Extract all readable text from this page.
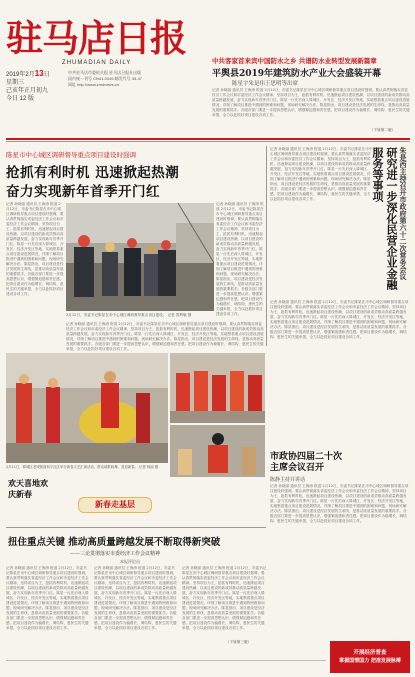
驻马店日报
ZHUMADIAN DAILY
2019年2月13日
星期三
己亥年正月初九
今日 12 版
中共驻马店市委机关报 驻马店日报社出版
国内统一刊号 CN41-0045 邮发代号 35-47
网址 http://www.zmdnews.cn
中共客家首来宾中国防水之乡 共谱防水业转型发展新篇章
平舆县2019年建筑防水产业大会盛装开幕
陈星宇朱是伟王思明等出席
记者 孙晓丽 通讯员 王海涛 报道 2月12日，市委书记陈星在市中心城区调研督导重点项目建设时强调，要认真贯彻落实省委经济工作会议和市委经济工作会议精神，坚持项目为王，抢抓有利时机，迅速掀起项目建设热潮，以项目建设的新成效推动高质量跨越发展，奋力实现新年首季开门红。陈星一行先后深入驿城区、开发区、经济开发区等地，实地察看重点项目建设进展情况，详细了解项目推进中遇到的困难和问题，现场研究解决办法。陈星指出，项目建设是经济发展的生命线，是推动高质量发展的重要抓手。各级各部门要进一步提高思想认识，增强紧迫感和责任感，把项目建设作为稳增长、调结构、惠民生的关键举措，全力以赴抓好项目建设各项工作。
（下转第二版）
陈星市中心城区调研督导重点项目建设时强调
抢抓有利时机 迅速掀起热潮
奋力实现新年首季开门红
记者 孙晓丽 通讯员 王海涛 报道 2月12日，市委书记陈星在市中心城区调研督导重点项目建设时强调，要认真贯彻落实省委经济工作会议和市委经济工作会议精神，坚持项目为王，抢抓有利时机，迅速掀起项目建设热潮，以项目建设的新成效推动高质量跨越发展，奋力实现新年首季开门红。陈星一行先后深入驿城区、开发区、经济开发区等地，实地察看重点项目建设进展情况，详细了解项目推进中遇到的困难和问题，现场研究解决办法。陈星指出，项目建设是经济发展的生命线，是推动高质量发展的重要抓手。各级各部门要进一步提高思想认识，增强紧迫感和责任感，把项目建设作为稳增长、调结构、惠民生的关键举措，全力以赴抓好项目建设各项工作。
2月12日，市委书记陈星在市中心城区调研督导重点项目建设。 记者 郑利敏 摄
记者 孙晓丽 通讯员 王海涛 报道 2月12日，市委书记陈星在市中心城区调研督导重点项目建设时强调，要认真贯彻落实省委经济工作会议和市委经济工作会议精神，坚持项目为王，抢抓有利时机，迅速掀起项目建设热潮，以项目建设的新成效推动高质量跨越发展，奋力实现新年首季开门红。陈星一行先后深入驿城区、开发区、经济开发区等地，实地察看重点项目建设进展情况，详细了解项目推进中遇到的困难和问题，现场研究解决办法。陈星指出，项目建设是经济发展的生命线，是推动高质量发展的重要抓手。各级各部门要进一步提高思想认识，增强紧迫感和责任感，把项目建设作为稳增长、调结构、惠民生的关键举措，全力以赴抓好项目建设各项工作。
记者 孙晓丽 通讯员 王海涛 报道 2月12日，市委书记陈星在市中心城区调研督导重点项目建设时强调，要认真贯彻落实省委经济工作会议和市委经济工作会议精神，坚持项目为王，抢抓有利时机，迅速掀起项目建设热潮，以项目建设的新成效推动高质量跨越发展，奋力实现新年首季开门红。陈星一行先后深入驿城区、开发区、经济开发区等地，实地察看重点项目建设进展情况，详细了解项目推进中遇到的困难和问题，现场研究解决办法。陈星指出，项目建设是经济发展的生命线，是推动高质量发展的重要抓手。各级各部门要进一步提高思想认识，增强紧迫感和责任感，把项目建设作为稳增长、调结构、惠民生的关键举措，全力以赴抓好项目建设各项工作。
朱是西主持召开市政府第六十二次常务会议
研究进一步深化民营企业金融服务等事项
记者 孙晓丽 通讯员 王海涛 报道 2月12日，市委书记陈星在市中心城区调研督导重点项目建设时强调，要认真贯彻落实省委经济工作会议和市委经济工作会议精神，坚持项目为王，抢抓有利时机，迅速掀起项目建设热潮，以项目建设的新成效推动高质量跨越发展，奋力实现新年首季开门红。陈星一行先后深入驿城区、开发区、经济开发区等地，实地察看重点项目建设进展情况，详细了解项目推进中遇到的困难和问题，现场研究解决办法。陈星指出，项目建设是经济发展的生命线，是推动高质量发展的重要抓手。各级各部门要进一步提高思想认识，增强紧迫感和责任感，把项目建设作为稳增长、调结构、惠民生的关键举措，全力以赴抓好项目建设各项工作。
记者 孙晓丽 通讯员 王海涛 报道 2月12日，市委书记陈星在市中心城区调研督导重点项目建设时强调，要认真贯彻落实省委经济工作会议和市委经济工作会议精神，坚持项目为王，抢抓有利时机，迅速掀起项目建设热潮，以项目建设的新成效推动高质量跨越发展，奋力实现新年首季开门红。陈星一行先后深入驿城区、开发区、经济开发区等地，实地察看重点项目建设进展情况，详细了解项目推进中遇到的困难和问题，现场研究解决办法。陈星指出，项目建设是经济发展的生命线，是推动高质量发展的重要抓手。各级各部门要进一步提高思想认识，增强紧迫感和责任感，把项目建设作为稳增长、调结构、惠民生的关键举措，全力以赴抓好项目建设各项工作。
2月11日，驿城区老城街道和平社区举行新春文艺汇演活动，群众载歌载舞，喜迎新春。 记者 杨丽 摄
欢天喜地欢庆新春
新春走基层
市政协四届二十次
主席会议召开
陈静主持并讲话
记者 孙晓丽 通讯员 王海涛 报道 2月12日，市委书记陈星在市中心城区调研督导重点项目建设时强调，要认真贯彻落实省委经济工作会议和市委经济工作会议精神，坚持项目为王，抢抓有利时机，迅速掀起项目建设热潮，以项目建设的新成效推动高质量跨越发展，奋力实现新年首季开门红。陈星一行先后深入驿城区、开发区、经济开发区等地，实地察看重点项目建设进展情况，详细了解项目推进中遇到的困难和问题，现场研究解决办法。陈星指出，项目建设是经济发展的生命线，是推动高质量发展的重要抓手。各级各部门要进一步提高思想认识，增强紧迫感和责任感，把项目建设作为稳增长、调结构、惠民生的关键举措，全力以赴抓好项目建设各项工作。
扭住重点关键 推动高质量跨越发展不断取得新突破
——三论贯彻落实市委经济工作会议精神
本报评论员
记者 孙晓丽 通讯员 王海涛 报道 2月12日，市委书记陈星在市中心城区调研督导重点项目建设时强调，要认真贯彻落实省委经济工作会议和市委经济工作会议精神，坚持项目为王，抢抓有利时机，迅速掀起项目建设热潮，以项目建设的新成效推动高质量跨越发展，奋力实现新年首季开门红。陈星一行先后深入驿城区、开发区、经济开发区等地，实地察看重点项目建设进展情况，详细了解项目推进中遇到的困难和问题，现场研究解决办法。陈星指出，项目建设是经济发展的生命线，是推动高质量发展的重要抓手。各级各部门要进一步提高思想认识，增强紧迫感和责任感，把项目建设作为稳增长、调结构、惠民生的关键举措，全力以赴抓好项目建设各项工作。
记者 孙晓丽 通讯员 王海涛 报道 2月12日，市委书记陈星在市中心城区调研督导重点项目建设时强调，要认真贯彻落实省委经济工作会议和市委经济工作会议精神，坚持项目为王，抢抓有利时机，迅速掀起项目建设热潮，以项目建设的新成效推动高质量跨越发展，奋力实现新年首季开门红。陈星一行先后深入驿城区、开发区、经济开发区等地，实地察看重点项目建设进展情况，详细了解项目推进中遇到的困难和问题，现场研究解决办法。陈星指出，项目建设是经济发展的生命线，是推动高质量发展的重要抓手。各级各部门要进一步提高思想认识，增强紧迫感和责任感，把项目建设作为稳增长、调结构、惠民生的关键举措，全力以赴抓好项目建设各项工作。
记者 孙晓丽 通讯员 王海涛 报道 2月12日，市委书记陈星在市中心城区调研督导重点项目建设时强调，要认真贯彻落实省委经济工作会议和市委经济工作会议精神，坚持项目为王，抢抓有利时机，迅速掀起项目建设热潮，以项目建设的新成效推动高质量跨越发展，奋力实现新年首季开门红。陈星一行先后深入驿城区、开发区、经济开发区等地，实地察看重点项目建设进展情况，详细了解项目推进中遇到的困难和问题，现场研究解决办法。陈星指出，项目建设是经济发展的生命线，是推动高质量发展的重要抓手。各级各部门要进一步提高思想认识，增强紧迫感和责任感，把项目建设作为稳增长、调结构、惠民生的关键举措，全力以赴抓好项目建设各项工作。
（下转第三版）
开展经济普查
掌握国情国力 把准发展脉搏
